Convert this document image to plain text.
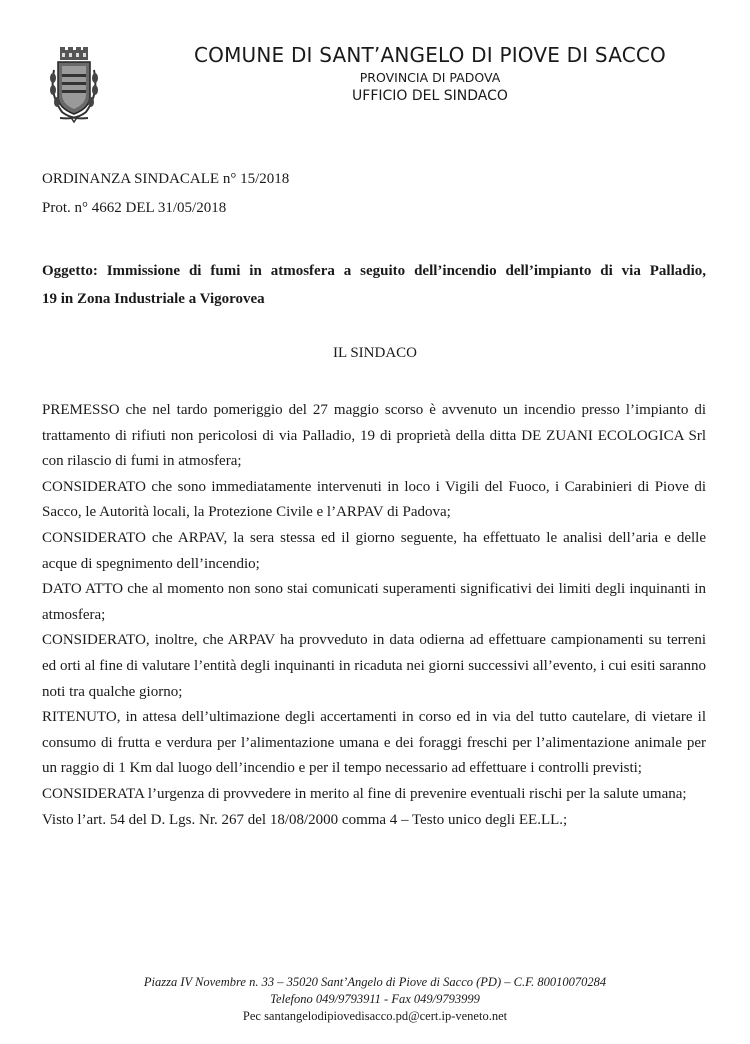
COMUNE DI SANT’ANGELO DI PIOVE DI SACCO
PROVINCIA DI PADOVA
UFFICIO DEL SINDACO
ORDINANZA SINDACALE n° 15/2018
Prot. n° 4662 DEL 31/05/2018
Oggetto: Immissione di fumi in atmosfera a seguito dell’incendio dell’impianto di via Palladio,
19 in Zona Industriale a Vigorovea
IL SINDACO

PREMESSO che nel tardo pomeriggio del 27 maggio scorso è avvenuto un incendio presso l’impianto di trattamento di rifiuti non pericolosi di via Palladio, 19 di proprietà della ditta DE ZUANI ECOLOGICA Srl con rilascio di fumi in atmosfera;

CONSIDERATO che sono immediatamente intervenuti in loco i Vigili del Fuoco, i Carabinieri di Piove di Sacco, le Autorità locali, la Protezione Civile e l’ARPAV di Padova;

CONSIDERATO che ARPAV, la sera stessa ed il giorno seguente, ha effettuato le analisi dell’aria e delle acque di spegnimento dell’incendio;

DATO ATTO che al momento non sono stai comunicati superamenti significativi dei limiti degli inquinanti in atmosfera;

CONSIDERATO, inoltre, che ARPAV ha provveduto in data odierna ad effettuare campionamenti su terreni ed orti al fine di valutare l’entità degli inquinanti in ricaduta nei giorni successivi all’evento, i cui esiti saranno noti tra qualche giorno;

RITENUTO, in attesa dell’ultimazione degli accertamenti in corso ed in via del tutto cautelare, di vietare il consumo di frutta e verdura per l’alimentazione umana e dei foraggi freschi per l’alimentazione animale per un raggio di 1 Km dal luogo dell’incendio e per il tempo necessario ad effettuare i controlli previsti;

CONSIDERATA l’urgenza di provvedere in merito al fine di prevenire eventuali rischi per la salute umana;

Visto l’art. 54 del D. Lgs. Nr. 267 del 18/08/2000 comma 4 – Testo unico degli EE.LL.;

Piazza IV Novembre n. 33 – 35020 Sant’Angelo di Piove di Sacco (PD) – C.F. 80010070284
Telefono 049/9793911 - Fax 049/9793999
Pec santangelodipiovedisacco.pd@cert.ip-veneto.net
